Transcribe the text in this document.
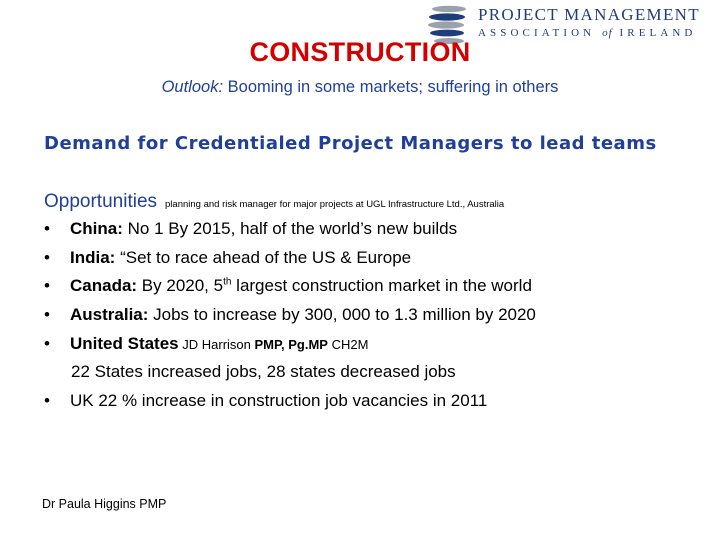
PROJECT MANAGEMENT
ASSOCIATION of IRELAND
CONSTRUCTION
Outlook: Booming in some markets; suffering in others
Demand for Credentialed Project Managers to lead teams
Opportunities planning and risk manager for major projects at UGL Infrastructure Ltd., Australia
• China: No 1 By 2015, half of the world’s new builds
• India: “Set to race ahead of the US & Europe
• Canada: By 2020, 5th largest construction market in the world
• Australia: Jobs to increase by 300, 000 to 1.3 million by 2020
• United States JD Harrison PMP, Pg.MP CH2M
22 States increased jobs, 28 states decreased jobs
• UK 22 % increase in construction job vacancies in 2011
Dr Paula Higgins PMP
